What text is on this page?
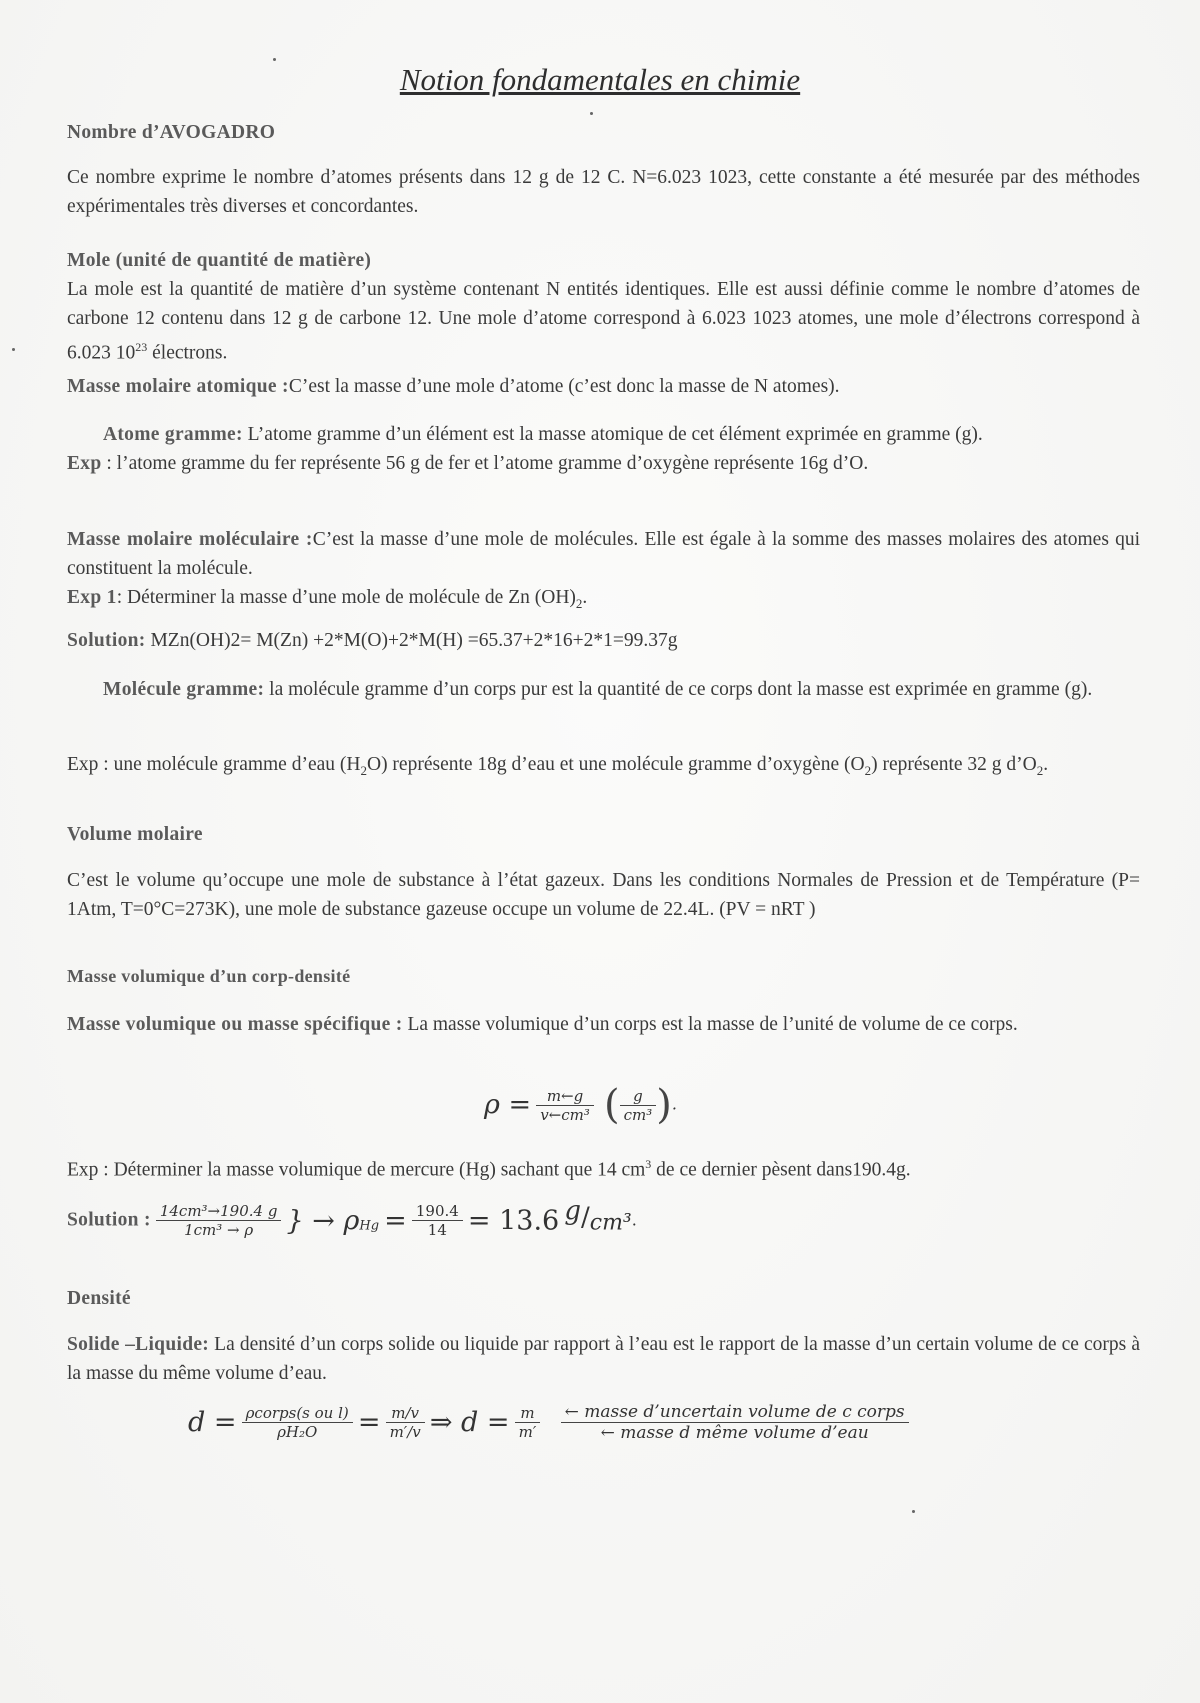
Notion fondamentales en chimie
Nombre d’AVOGADRO
Ce nombre exprime le nombre d’atomes présents dans 12 g de 12 C. N=6.023 1023, cette constante a été mesurée par des méthodes expérimentales très diverses et concordantes.
Mole (unité de quantité de matière)
La mole est la quantité de matière d’un système contenant N entités identiques. Elle est aussi définie comme le nombre d’atomes de carbone 12 contenu dans 12 g de carbone 12. Une mole d’atome correspond à 6.023 1023 atomes, une mole d’électrons correspond à 6.023 $10^{23}$ électrons.
Masse molaire atomique :C’est la masse d’une mole d’atome (c’est donc la masse de N atomes).
Atome gramme: L’atome gramme d’un élément est la masse atomique de cet élément exprimée en gramme (g).
Exp : l’atome gramme du fer représente 56 g de fer et l’atome gramme d’oxygène représente 16g d’O.
Masse molaire moléculaire :C’est la masse d’une mole de molécules. Elle est égale à la somme des masses molaires des atomes qui constituent la molécule.
Exp 1: Déterminer la masse d’une mole de molécule de Zn $(OH)_2$.
Solution: MZn(OH)2= M(Zn) +2*M(O)+2*M(H) =65.37+2*16+2*1=99.37g
Molécule gramme: la molécule gramme d’un corps pur est la quantité de ce corps dont la masse est exprimée en gramme (g).
Exp : une molécule gramme d’eau $(H_2O)$ représente 18g d’eau et une molécule gramme d’oxygène $(O_2)$ représente 32 g $d’O_2$.
Volume molaire
C’est le volume qu’occupe une mole de substance à l’état gazeux. Dans les conditions Normales de Pression et de Température (P= 1Atm, T=0°C=273K), une mole de substance gazeuse occupe un volume de 22.4L. (PV = nRT )
Masse volumique d’un corp-densité
Masse volumique ou masse spécifique : La masse volumique d’un corps est la masse de l’unité de volume de ce corps.
$\rho = \frac{m\leftarrow g}{\text{v←cm³}}$ ( $\frac{g}{\text{cm³}}$ ).
Exp : Déterminer la masse volumique de mercure (Hg) sachant que 14 $cm^3$ de ce dernier pèsent dans190.4g.
Solution : $\frac{\text{14cm³→190.4 g}}{\text{1cm³ → ρ}}$ } → $\rho_{Hg} = \frac{190.4}{14} = 13.6$ g/cm³.
Densité
Solide –Liquide: La densité d’un corps solide ou liquide par rapport à l’eau est le rapport de la masse d’un certain volume de ce corps à la masse du même volume d’eau.
$d = \frac{\text{ρcorps(s ou l)}}{\text{ρH₂O}} = \frac{m/v}{m'/v}$ ⇒ $d = \frac{m}{m'}$
$\frac{\text{← masse d’uncertain volume de c corps}}{\text{← masse d même volume d’eau}}$
